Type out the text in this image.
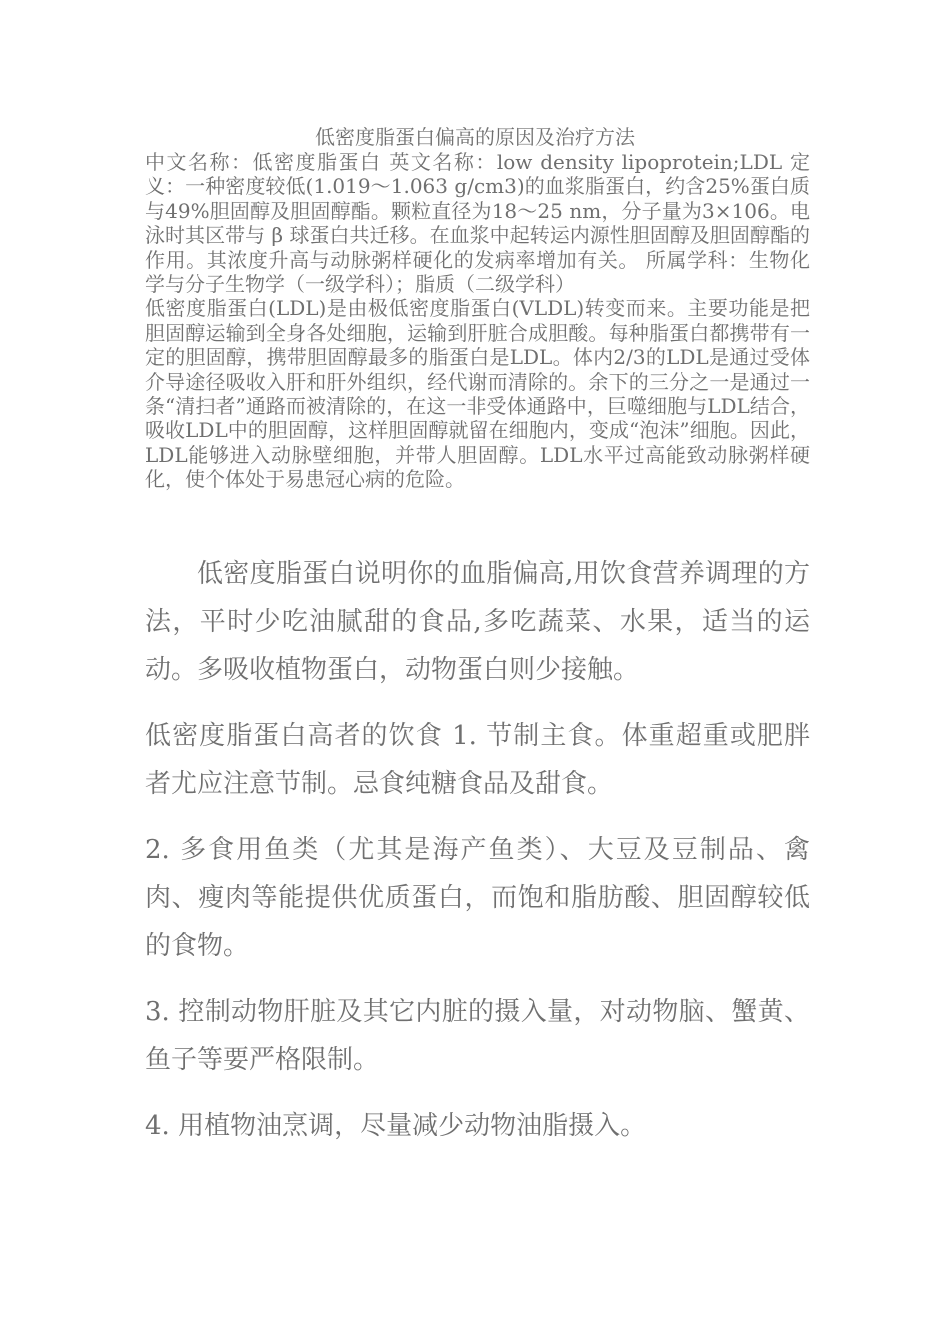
低密度脂蛋白偏高的原因及治疗方法

中文名称：低密度脂蛋白 英文名称：low density lipoprotein;LDL 定义：一种密度较低(1.019～1.063 g/cm3)的血浆脂蛋白，约含25%蛋白质与49%胆固醇及胆固醇酯。颗粒直径为18～25 nm，分子量为3×106。电泳时其区带与 β 球蛋白共迁移。在血浆中起转运内源性胆固醇及胆固醇酯的作用。其浓度升高与动脉粥样硬化的发病率增加有关。 所属学科：生物化学与分子生物学（一级学科）；脂质（二级学科）

低密度脂蛋白(LDL)是由极低密度脂蛋白(VLDL)转变而来。主要功能是把胆固醇运输到全身各处细胞，运输到肝脏合成胆酸。每种脂蛋白都携带有一定的胆固醇，携带胆固醇最多的脂蛋白是LDL。体内2/3的LDL是通过受体介导途径吸收入肝和肝外组织，经代谢而清除的。余下的三分之一是通过一条“清扫者”通路而被清除的，在这一非受体通路中，巨噬细胞与LDL结合，吸收LDL中的胆固醇，这样胆固醇就留在细胞内，变成“泡沫”细胞。因此，LDL能够进入动脉壁细胞，并带人胆固醇。LDL水平过高能致动脉粥样硬化，使个体处于易患冠心病的危险。

低密度脂蛋白说明你的血脂偏高,用饮食营养调理的方法，平时少吃油腻甜的食品,多吃蔬菜、水果，适当的运动。多吸收植物蛋白，动物蛋白则少接触。

低密度脂蛋白高者的饮食 1. 节制主食。体重超重或肥胖者尤应注意节制。忌食纯糖食品及甜食。

2. 多食用鱼类（尤其是海产鱼类）、大豆及豆制品、禽肉、瘦肉等能提供优质蛋白，而饱和脂肪酸、胆固醇较低的食物。

3. 控制动物肝脏及其它内脏的摄入量，对动物脑、蟹黄、鱼子等要严格限制。

4. 用植物油烹调，尽量减少动物油脂摄入。
